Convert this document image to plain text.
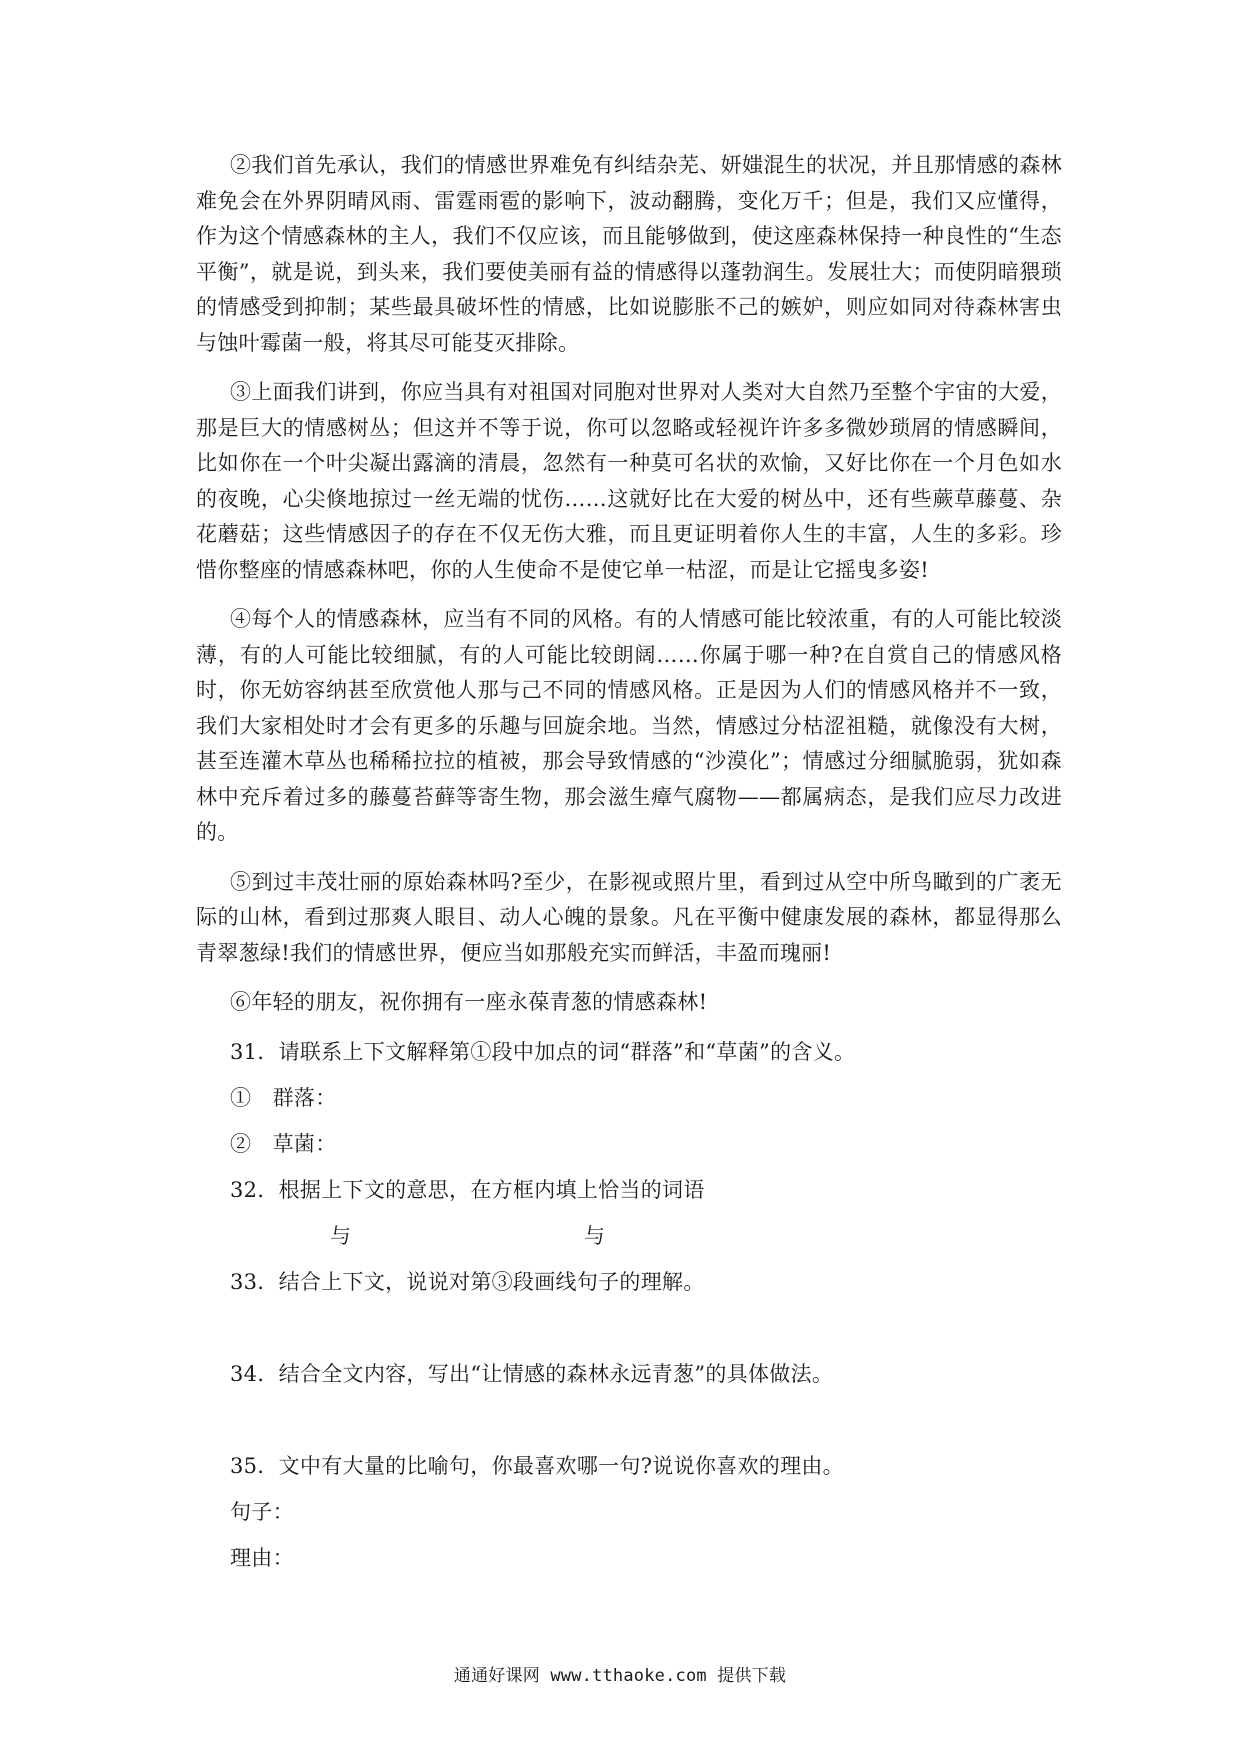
②我们首先承认，我们的情感世界难免有纠结杂芜、妍媸混生的状况，并且那情感的森林难免会在外界阴晴风雨、雷霆雨雹的影响下，波动翻腾，变化万千；但是，我们又应懂得，作为这个情感森林的主人，我们不仅应该，而且能够做到，使这座森林保持一种良性的“生态平衡”，就是说，到头来，我们要使美丽有益的情感得以蓬勃润生。发展壮大；而使阴暗猥琐的情感受到抑制；某些最具破坏性的情感，比如说膨胀不己的嫉妒，则应如同对待森林害虫与蚀叶霉菌一般，将其尽可能芟灭排除。

③上面我们讲到，你应当具有对祖国对同胞对世界对人类对大自然乃至整个宇宙的大爱，那是巨大的情感树丛；但这并不等于说，你可以忽略或轻视许许多多微妙琐屑的情感瞬间，比如你在一个叶尖凝出露滴的清晨，忽然有一种莫可名状的欢愉，又好比你在一个月色如水的夜晚，心尖倏地掠过一丝无端的忧伤……这就好比在大爱的树丛中，还有些蕨草藤蔓、杂花蘑菇；这些情感因子的存在不仅无伤大雅，而且更证明着你人生的丰富，人生的多彩。珍惜你整座的情感森林吧，你的人生使命不是使它单一枯涩，而是让它摇曳多姿!

④每个人的情感森林，应当有不同的风格。有的人情感可能比较浓重，有的人可能比较淡薄，有的人可能比较细腻，有的人可能比较朗阔……你属于哪一种?在自赏自己的情感风格时，你无妨容纳甚至欣赏他人那与己不同的情感风格。正是因为人们的情感风格并不一致，我们大家相处时才会有更多的乐趣与回旋余地。当然，情感过分枯涩祖糙，就像没有大树，甚至连灌木草丛也稀稀拉拉的植被，那会导致情感的“沙漠化”；情感过分细腻脆弱，犹如森林中充斥着过多的藤蔓苔藓等寄生物，那会滋生瘴气腐物——都属病态，是我们应尽力改进的。

⑤到过丰茂壮丽的原始森林吗?至少，在影视或照片里，看到过从空中所鸟瞰到的广袤无际的山林，看到过那爽人眼目、动人心魄的景象。凡在平衡中健康发展的森林，都显得那么青翠葱绿!我们的情感世界，便应当如那般充实而鲜活，丰盈而瑰丽!

⑥年轻的朋友，祝你拥有一座永葆青葱的情感森林!

31．请联系上下文解释第①段中加点的词“群落”和“草菌”的含义。

①　群落：

②　草菌：

32．根据上下文的意思，在方框内填上恰当的词语

与	与

33．结合上下文，说说对第③段画线句子的理解。

34．结合全文内容，写出“让情感的森林永远青葱”的具体做法。

35．文中有大量的比喻句，你最喜欢哪一句?说说你喜欢的理由。

句子：

理由：

通通好课网 www.tthaoke.com 提供下载
